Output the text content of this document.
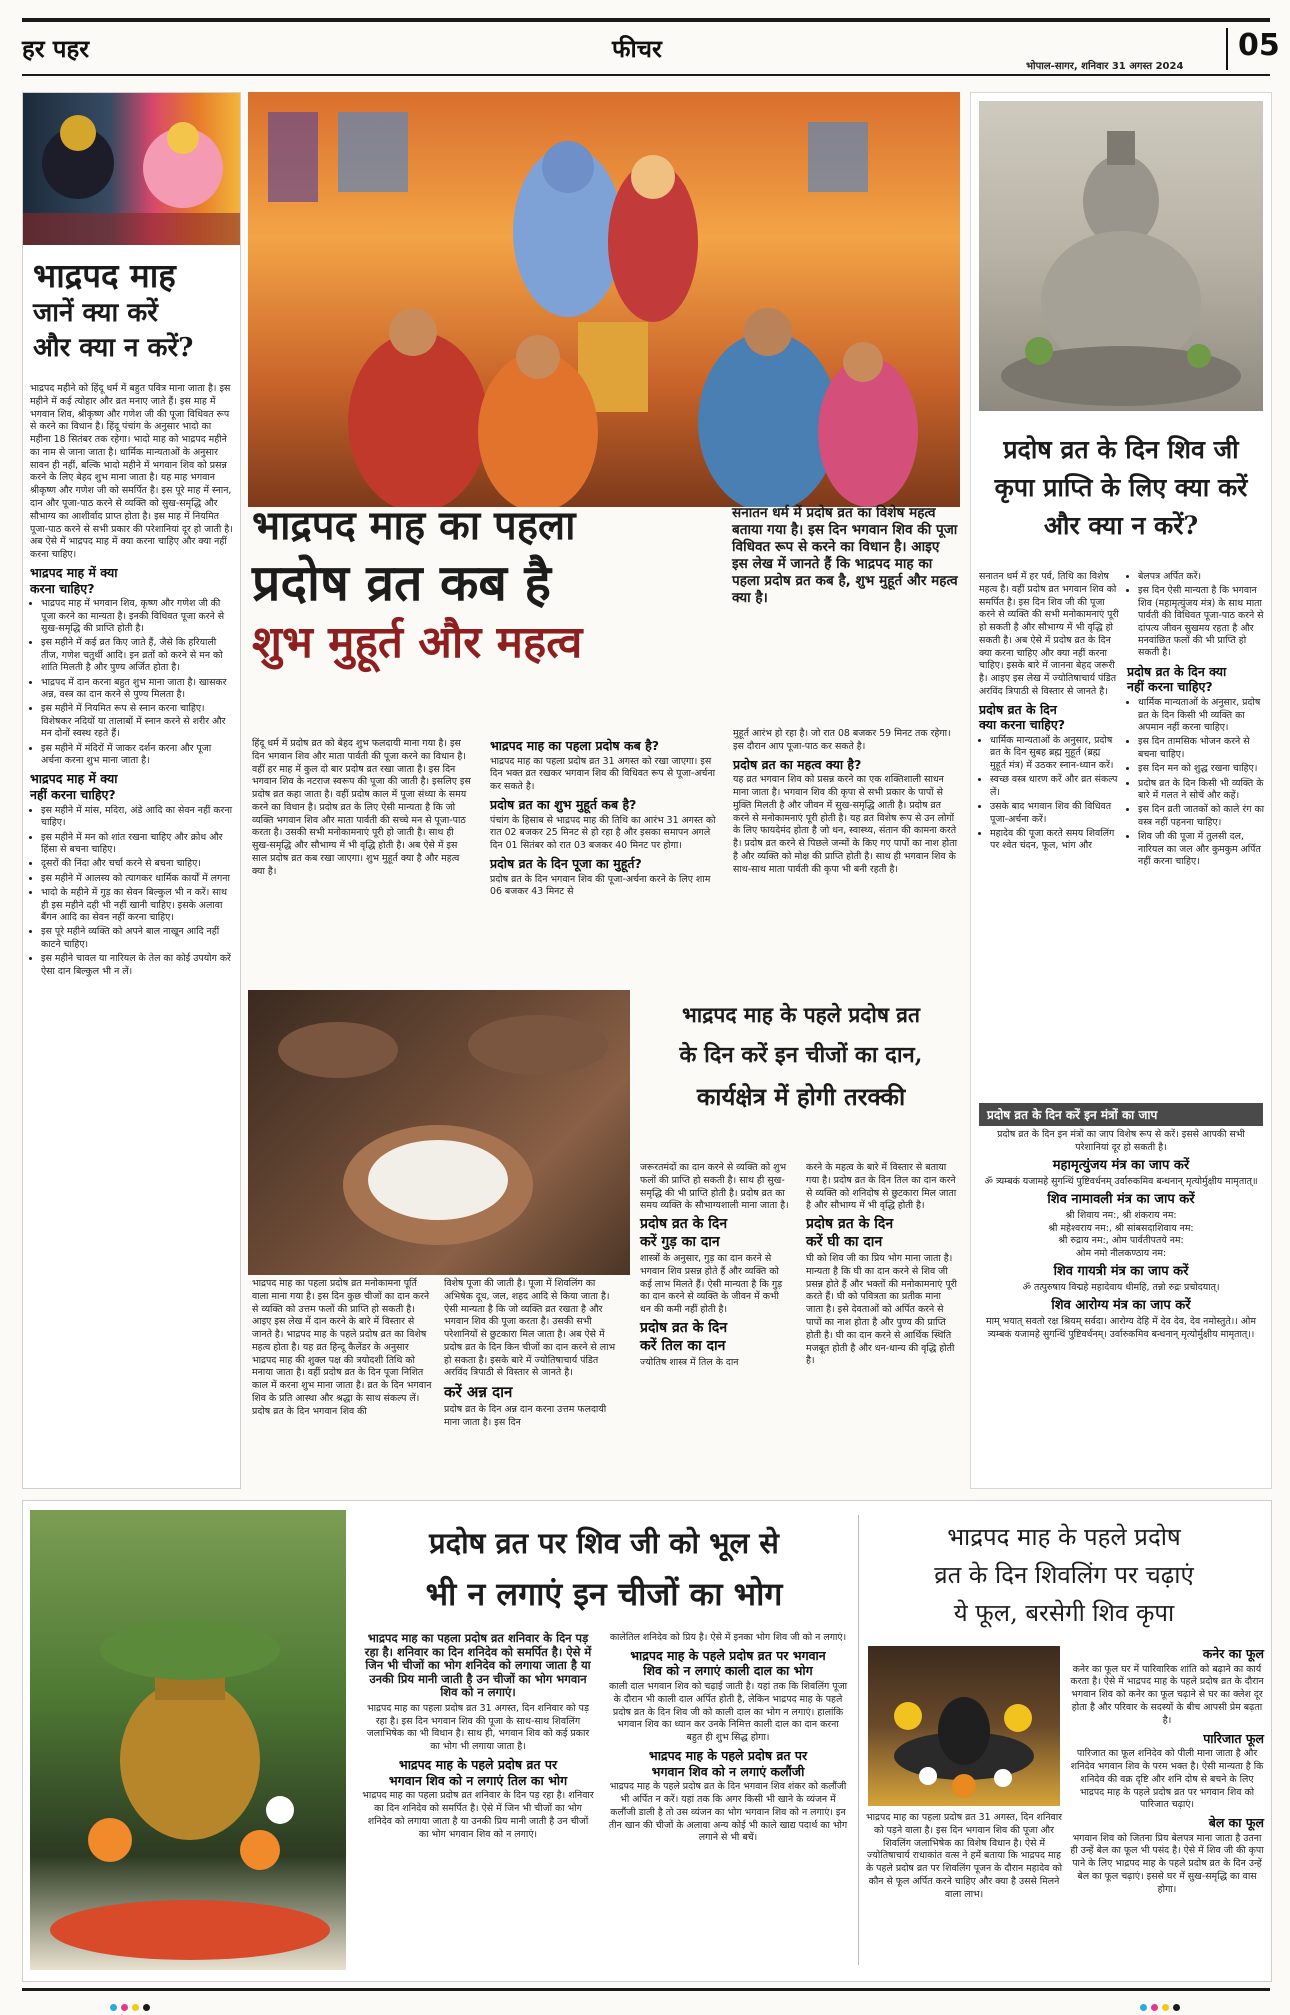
हर पहर	फीचर
भोपाल-सागर, शनिवार 31 अगस्त 2024
05
भाद्रपद माह
जानें क्या करें
और क्या न करें?

भाद्रपद महीने को हिंदू धर्म में बहुत पवित्र माना जाता है। इस महीने में कई त्योहार और व्रत मनाए जाते हैं। इस माह में भगवान शिव, श्रीकृष्ण और गणेश जी की पूजा विधिवत रूप से करने का विधान है। हिंदू पंचांग के अनुसार भादो का महीना 18 सितंबर तक रहेगा। भादो माह को भाद्रपद महीने का नाम से जाना जाता है। धार्मिक मान्यताओं के अनुसार सावन ही नहीं, बल्कि भादो महीने में भगवान शिव को प्रसन्न करने के लिए बेहद शुभ माना जाता है। यह माह भगवान श्रीकृष्ण और गणेश जी को समर्पित है। इस पूरे माह में स्नान, दान और पूजा-पाठ करने से व्यक्ति को सुख-समृद्धि और सौभाग्य का आशीर्वाद प्राप्त होता है। इस माह में नियमित पूजा-पाठ करने से सभी प्रकार की परेशानियां दूर हो जाती है। अब ऐसे में भाद्रपद माह में क्या करना चाहिए और क्या नहीं करना चाहिए।

भाद्रपद माह में क्या
करना चाहिए?
• भाद्रपद माह में भगवान शिव, कृष्ण और गणेश जी की पूजा करने का मान्यता है। इनकी विधिवत पूजा करने से सुख-समृद्धि की प्राप्ति होती है।
• इस महीने में कई व्रत किए जाते हैं, जैसे कि हरियाली तीज, गणेश चतुर्थी आदि। इन व्रतों को करने से मन को शांति मिलती है और पुण्य अर्जित होता है।
• भाद्रपद में दान करना बहुत शुभ माना जाता है। खासकर अन्न, वस्त्र का दान करने से पुण्य मिलता है।
• इस महीने में नियमित रूप से स्नान करना चाहिए। विशेषकर नदियों या तालाबों में स्नान करने से शरीर और मन दोनों स्वस्थ रहते हैं।
• इस महीने में मंदिरों में जाकर दर्शन करना और पूजा अर्चना करना शुभ माना जाता है।
भाद्रपद माह में क्या
नहीं करना चाहिए?
• इस महीने में मांस, मदिरा, अंडे आदि का सेवन नहीं करना चाहिए।
• इस महीने में मन को शांत रखना चाहिए और क्रोध और हिंसा से बचना चाहिए।
• दूसरों की निंदा और चर्चा करने से बचना चाहिए।
• इस महीने में आलस्य को त्यागकर धार्मिक कार्यों में लगना
• भादो के महीने में गुड़ का सेवन बिल्कुल भी न करें। साथ ही इस महीने दही भी नहीं खानी चाहिए। इसके अलावा बैंगन आदि का सेवन नहीं करना चाहिए।
• इस पूरे महीने व्यक्ति को अपने बाल नाखून आदि नहीं काटने चाहिए।
• इस महीने चावल या नारियल के तेल का कोई उपयोग करें ऐसा दान बिल्कुल भी न लें।
भाद्रपद माह का पहला
प्रदोष व्रत कब है
शुभ मुहूर्त और महत्व
सनातन धर्म में प्रदोष व्रत का विशेष महत्व बताया गया है। इस दिन भगवान शिव की पूजा विधिवत रूप से करने का विधान है। आइए इस लेख में जानते हैं कि भाद्रपद माह का पहला प्रदोष व्रत कब है, शुभ मुहूर्त और महत्व क्या है।

हिंदू धर्म में प्रदोष व्रत को बेहद शुभ फलदायी माना गया है। इस दिन भगवान शिव और माता पार्वती की पूजा करने का विधान है। वहीं हर माह में कुल दो बार प्रदोष व्रत रखा जाता है। इस दिन भगवान शिव के नटराज स्वरूप की पूजा की जाती है। इसलिए इस प्रदोष व्रत कहा जाता है। वहीं प्रदोष काल में पूजा संध्या के समय करने का विधान है। प्रदोष व्रत के लिए ऐसी मान्यता है कि जो व्यक्ति भगवान शिव और माता पार्वती की सच्चे मन से पूजा-पाठ करता है। उसकी सभी मनोकामनाएं पूरी हो जाती है। साथ ही सुख-समृद्धि और सौभाग्य में भी वृद्धि होती है। अब ऐसे में इस साल प्रदोष व्रत कब रखा जाएगा। शुभ मुहूर्त क्या है और महत्व क्या है।

भाद्रपद माह का पहला प्रदोष कब है?

भाद्रपद माह का पहला प्रदोष व्रत 31 अगस्त को रखा जाएगा। इस दिन भक्त व्रत रखकर भगवान शिव की विधिवत रूप से पूजा-अर्चना कर सकते है।

प्रदोष व्रत का शुभ मुहूर्त कब है?

पंचांग के हिसाब से भाद्रपद माह की तिथि का आरंभ 31 अगस्त को रात 02 बजकर 25 मिनट से हो रहा है और इसका समापन अगले दिन 01 सितंबर को रात 03 बजकर 40 मिनट पर होगा।

प्रदोष व्रत के दिन पूजा का मुहूर्त?

प्रदोष व्रत के दिन भगवान शिव की पूजा-अर्चना करने के लिए शाम 06 बजकर 43 मिनट से

मुहूर्त आरंभ हो रहा है। जो रात 08 बजकर 59 मिनट तक रहेगा। इस दौरान आप पूजा-पाठ कर सकते है।

प्रदोष व्रत का महत्व क्या है?

यह व्रत भगवान शिव को प्रसन्न करने का एक शक्तिशाली साधन माना जाता है। भगवान शिव की कृपा से सभी प्रकार के पापों से मुक्ति मिलती है और जीवन में सुख-समृद्धि आती है। प्रदोष व्रत करने से मनोकामनाएं पूरी होती है। यह व्रत विशेष रूप से उन लोगों के लिए फायदेमंद होता है जो धन, स्वास्थ्य, संतान की कामना करते है। प्रदोष व्रत करने से पिछले जन्मों के किए गए पापों का नाश होता है और व्यक्ति को मोक्ष की प्राप्ति होती है। साथ ही भगवान शिव के साथ-साथ माता पार्वती की कृपा भी बनी रहती है।

प्रदोष व्रत के दिन शिव जी कृपा प्राप्ति के लिए क्या करें और क्या न करें?

सनातन धर्म में हर पर्व, तिथि का विशेष महत्व है। वहीं प्रदोष व्रत भगवान शिव को समर्पित है। इस दिन शिव जी की पूजा करने से व्यक्ति की सभी मनोकामनाएं पूरी हो सकती है और सौभाग्य में भी वृद्धि हो सकती है। अब ऐसे में प्रदोष व्रत के दिन क्या करना चाहिए और क्या नहीं करना चाहिए। इसके बारे में जानना बेहद जरूरी है। आइए इस लेख में ज्योतिषाचार्य पंडित अरविंद त्रिपाठी से विस्तार से जानते है।

प्रदोष व्रत के दिन
क्या करना चाहिए?
• धार्मिक मान्यताओं के अनुसार, प्रदोष व्रत के दिन सुबह ब्रह्म मुहूर्त (ब्रह्म मुहूर्त मंत्र) में उठकर स्नान-ध्यान करें।
• स्वच्छ वस्त्र धारण करें और व्रत संकल्प लें।
• उसके बाद भगवान शिव की विधिवत पूजा-अर्चना करें।
• महादेव की पूजा करते समय शिवलिंग पर श्वेत चंदन, फूल, भांग और
• बेलपत्र अर्पित करें।
• इस दिन ऐसी मान्यता है कि भगवान शिव (महामृत्युंजय मंत्र) के साथ माता पार्वती की विधिवत पूजा-पाठ करने से दांपत्य जीवन सुखमय रहता है और मनवांछित फलों की भी प्राप्ति हो सकती है।
प्रदोष व्रत के दिन क्या
नहीं करना चाहिए?
• धार्मिक मान्यताओं के अनुसार, प्रदोष व्रत के दिन किसी भी व्यक्ति का अपमान नहीं करना चाहिए।
• इस दिन तामसिक भोजन करने से बचना चाहिए।
• इस दिन मन को शुद्ध रखना चाहिए।
• प्रदोष व्रत के दिन किसी भी व्यक्ति के बारे में गलत ने सोचें और कहें।
• इस दिन व्रती जातकों को काले रंग का वस्त्र नहीं पहनना चाहिए।
• शिव जी की पूजा में तुलसी दल, नारियल का जल और कुमकुम अर्पित नहीं करना चाहिए।
प्रदोष व्रत के दिन करें इन मंत्रों का जाप

प्रदोष व्रत के दिन इन मंत्रों का जाप विशेष रूप से करें। इससे आपकी सभी परेशानियां दूर हो सकती है।

महामृत्युंजय मंत्र का जाप करें

ॐ त्र्यम्बकं यजामहे सुगन्धिं पुष्टिवर्धनम् उर्वारुकमिव बन्धनान् मृत्योर्मुक्षीय मामृतात्॥

शिव नामावली मंत्र का जाप करें
श्री शिवाय नम:, श्री शंकराय नम:
श्री महेश्वराय नम:, श्री सांबसदाशिवाय नम:
श्री रुद्राय नम:, ओम पार्वतीपतये नम:
ओम नमो नीलकण्ठाय नम:
शिव गायत्री मंत्र का जाप करें

ॐ तत्पुरुषाय विद्महे महादेवाय धीमहि, तन्नो रुद्रः प्रचोदयात्।

शिव आरोग्य मंत्र का जाप करें

माम् भयात् सवतो रक्ष श्रियम् सर्वदा। आरोग्य देहि में देव देव, देव नमोस्तुते।। ओम त्र्यम्बकं यजामहे सुगन्धिं पुष्टिवर्धनम्। उर्वारुकमिव बन्धनान् मृत्योर्मुक्षीय मामृतात्।।

भाद्रपद माह के पहले प्रदोष व्रत
के दिन करें इन चीजों का दान,
कार्यक्षेत्र में होगी तरक्की

भाद्रपद माह का पहला प्रदोष व्रत मनोकामना पूर्ति वाला माना गया है। इस दिन कुछ चीजों का दान करने से व्यक्ति को उत्तम फलों की प्राप्ति हो सकती है। आइए इस लेख में दान करने के बारे में विस्तार से जानते है। भाद्रपद माह के पहले प्रदोष व्रत का विशेष महत्व होता है। यह व्रत हिन्दू कैलेंडर के अनुसार भाद्रपद माह की शुक्ल पक्ष की त्रयोदशी तिथि को मनाया जाता है। वहीं प्रदोष व्रत के दिन पूजा निशित काल में करना शुभ माना जाता है। व्रत के दिन भगवान शिव के प्रति आस्था और श्रद्धा के साथ संकल्प लें। प्रदोष व्रत के दिन भगवान शिव की

विशेष पूजा की जाती है। पूजा में शिवलिंग का अभिषेक दूध, जल, शहद आदि से किया जाता है। ऐसी मान्यता है कि जो व्यक्ति व्रत रखता है और भगवान शिव की पूजा करता है। उसकी सभी परेशानियों से छुटकारा मिल जाता है। अब ऐसे में प्रदोष व्रत के दिन किन चीजों का दान करने से लाभ हो सकता है। इसके बारे में ज्योतिषाचार्य पंडित अरविंद त्रिपाठी से विस्तार से जानते है।

करें अन्न दान

प्रदोष व्रत के दिन अन्न दान करना उत्तम फलदायी माना जाता है। इस दिन

जरूरतमंदों का दान करने से व्यक्ति को शुभ फलों की प्राप्ति हो सकती है। साथ ही सुख-समृद्धि की भी प्राप्ति होती है। प्रदोष व्रत का समय व्यक्ति के सौभाग्यशाली माना जाता है।

प्रदोष व्रत के दिन
करें गुड़ का दान

शास्त्रों के अनुसार, गुड़ का दान करने से भगवान शिव प्रसन्न होते हैं और व्यक्ति को कई लाभ मिलते हैं। ऐसी मान्यता है कि गुड़ का दान करने से व्यक्ति के जीवन में कभी धन की कमी नहीं होती है।

प्रदोष व्रत के दिन
करें तिल का दान

ज्योतिष शास्त्र में तिल के दान

करने के महत्व के बारे में विस्तार से बताया गया है। प्रदोष व्रत के दिन तिल का दान करने से व्यक्ति को शनिदोष से छुटकारा मिल जाता है और सौभाग्य में भी वृद्धि होती है।

प्रदोष व्रत के दिन
करें घी का दान

घी को शिव जी का प्रिय भोग माना जाता है। मान्यता है कि घी का दान करने से शिव जी प्रसन्न होते हैं और भक्तों की मनोकामनाएं पूरी करते हैं। घी को पवित्रता का प्रतीक माना जाता है। इसे देवताओं को अर्पित करने से पापों का नाश होता है और पुण्य की प्राप्ति होती है। घी का दान करने से आर्थिक स्थिति मजबूत होती है और धन-धान्य की वृद्धि होती है।

प्रदोष व्रत पर शिव जी को भूल से
भी न लगाएं इन चीजों का भोग

भाद्रपद माह का पहला प्रदोष व्रत शनिवार के दिन पड़ रहा है। शनिवार का दिन शनिदेव को समर्पित है। ऐसे में जिन भी चीजों का भोग शनिदेव को लगाया जाता है या उनकी प्रिय मानी जाती है उन चीजों का भोग भगवान शिव को न लगाएं।

भाद्रपद माह का पहला प्रदोष व्रत 31 अगस्त, दिन शनिवार को पड़ रहा है। इस दिन भगवान शिव की पूजा के साथ-साथ शिवलिंग जलाभिषेक का भी विधान है। साथ ही, भगवान शिव को कई प्रकार का भोग भी लगाया जाता है।

भाद्रपद माह के पहले प्रदोष व्रत पर
भगवान शिव को न लगाएं तिल का भोग

भाद्रपद माह का पहला प्रदोष व्रत शनिवार के दिन पड़ रहा है। शनिवार का दिन शनिदेव को समर्पित है। ऐसे में जिन भी चीजों का भोग शनिदेव को लगाया जाता है या उनकी प्रिय मानी जाती है उन चीजों का भोग भगवान शिव को न लगाएं।

कालेतिल शनिदेव को प्रिय है। ऐसे में इनका भोग शिव जी को न लगाएं।

भाद्रपद माह के पहले प्रदोष व्रत पर भगवान
शिव को न लगाएं काली दाल का भोग

काली दाल भगवान शिव को चढ़ाई जाती है। यहां तक कि शिवलिंग पूजा के दौरान भी काली दाल अर्पित होती है, लेकिन भाद्रपद माह के पहले प्रदोष व्रत के दिन शिव जी को काली दाल का भोग न लगाएं। हालांकि भगवान शिव का ध्यान कर उनके निमित्त काली दाल का दान करना बहुत ही शुभ सिद्ध होगा।

भाद्रपद माह के पहले प्रदोष व्रत पर
भगवान शिव को न लगाएं कलौंजी

भाद्रपद माह के पहले प्रदोष व्रत के दिन भगवान शिव शंकर को कलौंजी भी अर्पित न करें। यहां तक कि अगर किसी भी खाने के व्यंजन में कलौंजी डाली है तो उस व्यंजन का भोग भगवान शिव को न लगाएं। इन तीन खान की चीजों के अलावा अन्य कोई भी काले खाद्य पदार्थ का भोग लगाने से भी बचें।

भाद्रपद माह के पहले प्रदोष
व्रत के दिन शिवलिंग पर चढ़ाएं
ये फूल, बरसेगी शिव कृपा

भाद्रपद माह का पहला प्रदोष व्रत 31 अगस्त, दिन शनिवार को पड़ने वाला है। इस दिन भगवान शिव की पूजा और शिवलिंग जलाभिषेक का विशेष विधान है। ऐसे में ज्योतिषाचार्य राधाकांत वत्स ने हमें बताया कि भाद्रपद माह के पहले प्रदोष व्रत पर शिवलिंग पूजन के दौरान महादेव को कौन से फूल अर्पित करने चाहिए और क्या है उससे मिलने वाला लाभ।

कनेर का फूल

कनेर का फूल घर में पारिवारिक शांति को बढ़ाने का कार्य करता है। ऐसे में भाद्रपद माह के पहले प्रदोष व्रत के दौरान भगवान शिव को कनेर का फूल चढ़ाने से घर का क्लेश दूर होता है और परिवार के सदस्यों के बीच आपसी प्रेम बढ़ता है।

पारिजात फूल

पारिजात का फूल शनिदेव को पीली माना जाता है और शनिदेव भगवान शिव के परम भक्त है। ऐसी मान्यता है कि शनिदेव की वक्र दृष्टि और शनि दोष से बचने के लिए भाद्रपद माह के पहले प्रदोष व्रत पर भगवान शिव को पारिजात चढ़ाएं।

बेल का फूल

भगवान शिव को जितना प्रिय बेलपत्र माना जाता है उतना ही उन्हें बेल का फूल भी पसंद है। ऐसे में शिव जी की कृपा पाने के लिए भाद्रपद माह के पहले प्रदोष व्रत के दिन उन्हें बेल का फूल चढ़ाएं। इससे घर में सुख-समृद्धि का वास होगा।
